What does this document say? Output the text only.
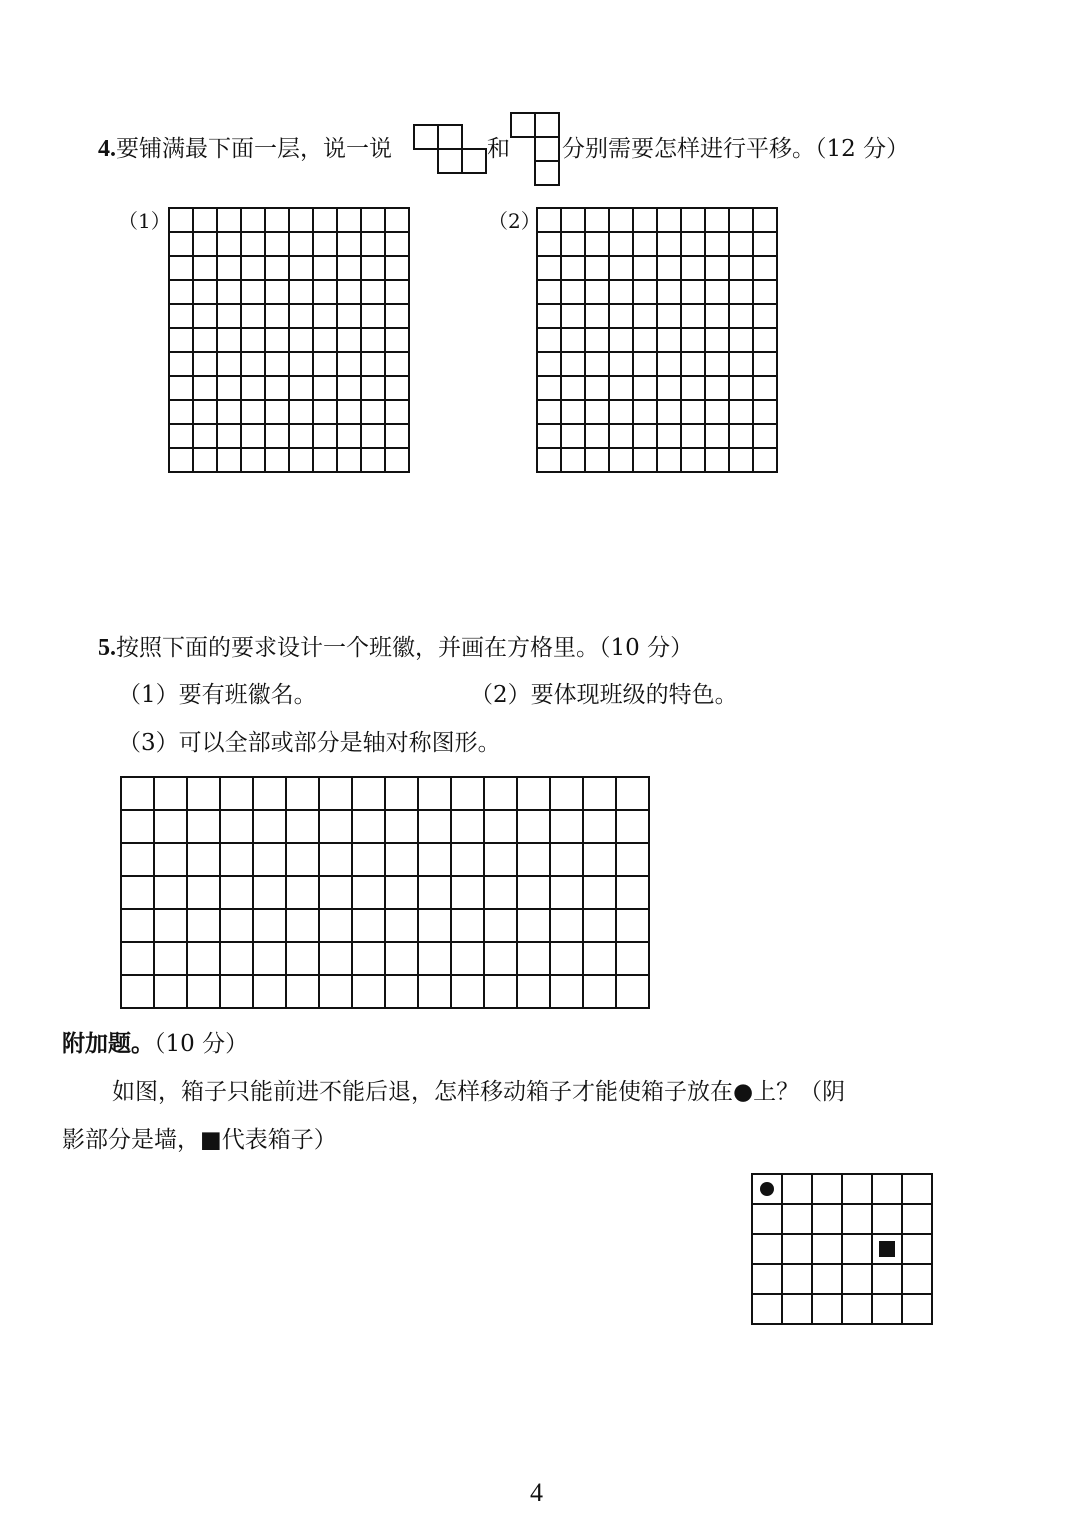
4.要铺满最下面一层，说一说	和 分别需要怎样进行平移。（12 分）
（1）

										（2）

5.按照下面的要求设计一个班徽，并画在方格里。（10 分）
（1）要有班徽名。	（2）要体现班级的特色。
（3）可以全部或部分是轴对称图形。

附加题。（10 分）
如图，箱子只能前进不能后退，怎样移动箱子才能使箱子放在●上？（阴
影部分是墙，■代表箱子）

4
